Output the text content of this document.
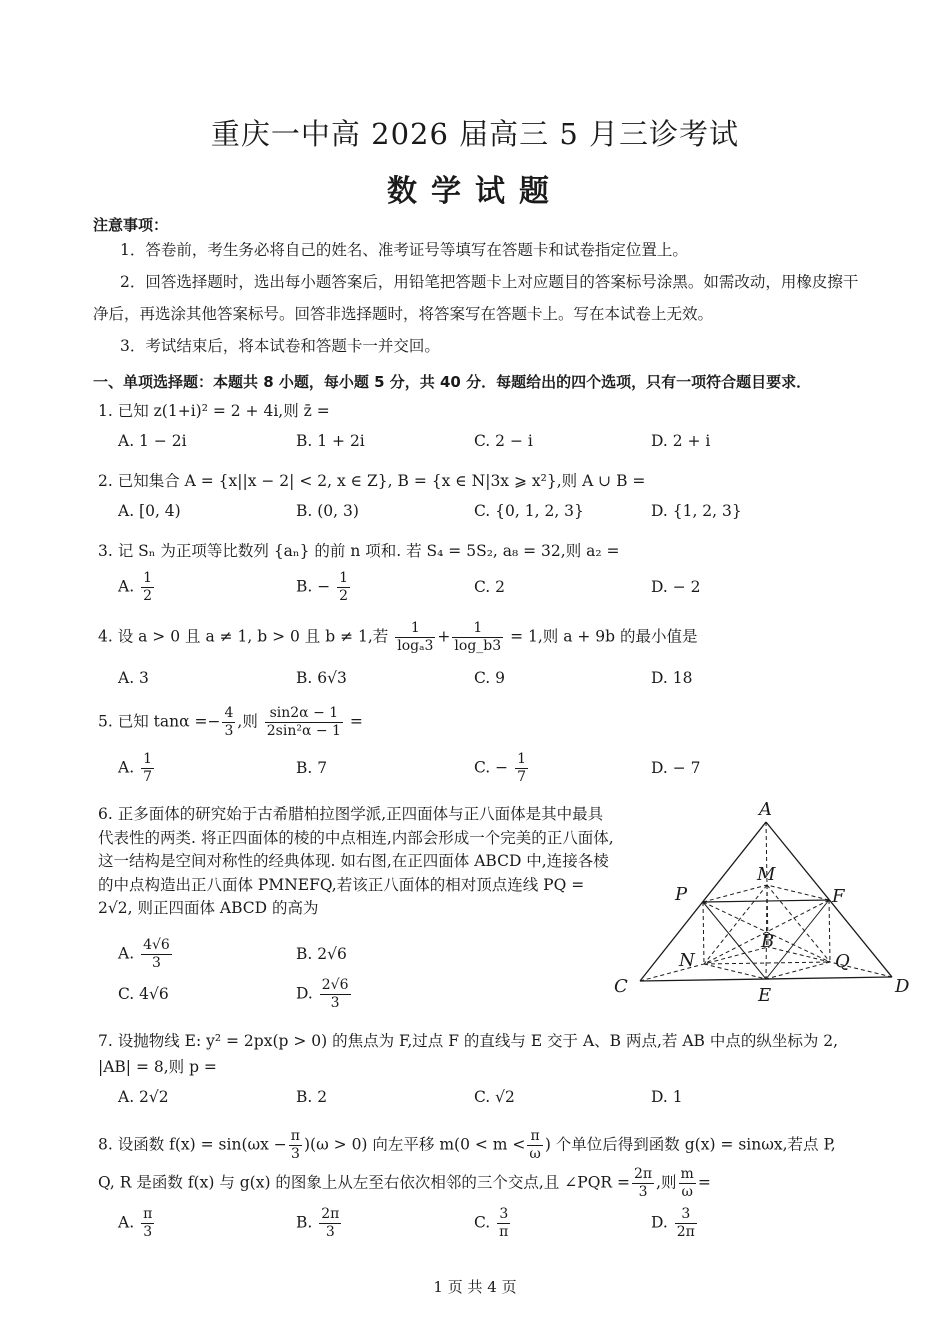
重庆一中高 2026 届高三 5 月三诊考试
数学试题
注意事项：
1．答卷前，考生务必将自己的姓名、准考证号等填写在答题卡和试卷指定位置上。
2．回答选择题时，选出每小题答案后，用铅笔把答题卡上对应题目的答案标号涂黑。如需改动，用橡皮擦干净后，再选涂其他答案标号。回答非选择题时，将答案写在答题卡上。写在本试卷上无效。
3．考试结束后，将本试卷和答题卡一并交回。
一、单项选择题：本题共 8 小题，每小题 5 分，共 40 分．每题给出的四个选项，只有一项符合题目要求．
1. 已知 z(1+i)² = 2 + 4i,则 z̄ =
A. 1 − 2i	B. 1 + 2i	C. 2 − i	D. 2 + i
2. 已知集合 A = {x||x − 2| < 2, x ∈ Z}, B = {x ∈ N|3x ⩾ x²},则 A ∪ B =
A. [0, 4)	B. (0, 3)	C. {0, 1, 2, 3}	D. {1, 2, 3}
3. 记 Sₙ 为正项等比数列 {aₙ} 的前 n 项和. 若 S₄ = 5S₂, a₈ = 32,则 a₂ =
A. $\frac{1}{2}$	B. − $\frac{1}{2}$	C. 2	D. − 2
4. 设 a > 0 且 a ≠ 1, b > 0 且 b ≠ 1,若 $\frac{1}{\text{logₐ3}} + \frac{1}{\log\_b3} = 1$,则 a + 9b 的最小值是
A. 3	B. 6√3	C. 9	D. 18
5. 已知 $\tan\alpha =- \frac{4}{3}$ ,则 $\frac{\sin 2\alpha - 1}{\text{2sin²α − 1}}$ =
A. $\frac{1}{7}$	B. 7	C. − $\frac{1}{7}$	D. − 7
6. 正多面体的研究始于古希腊柏拉图学派,正四面体与正八面体是其中最具代表性的两类. 将正四面体的棱的中点相连,内部会形成一个完美的正八面体,这一结构是空间对称性的经典体现. 如右图,在正四面体 ABCD 中,连接各棱的中点构造出正八面体 PMNEFQ,若该正八面体的相对顶点连线 PQ = 2√2, 则正四面体 ABCD 的高为
A. $\frac{4√6}{3}$	B. 2√6
C. 4√6	D. $\frac{2√6}{3}$
A
M
P	F
B
N	Q
C	E	D
7. 设抛物线 E: y² = 2px(p > 0) 的焦点为 F,过点 F 的直线与 E 交于 A、B 两点,若 AB 中点的纵坐标为 2,
|AB| = 8,则 p =
A. 2√2	B. 2	C. √2	D. 1
8. 设函数 $f(x) = \sin(\omega x - \frac{\pi}{3} )(\omega > 0)$ 向左平移 $m(0 < m < \frac{\pi}{\omega}$ ) 个单位后得到函数 g(x) = sinωx,若点 P,
Q, R 是函数 f(x) 与 g(x) 的图象上从左至右依次相邻的三个交点,且 ∠PQR = $\frac{2\pi}{3}$ ,则 $\frac{m}{\omega}$ =
A. $\frac{\pi}{3}$	B. $\frac{2\pi}{3}$	C. $\frac{3}{\pi}$	D. $\frac{3}{2\pi}$
1 页 共 4 页
